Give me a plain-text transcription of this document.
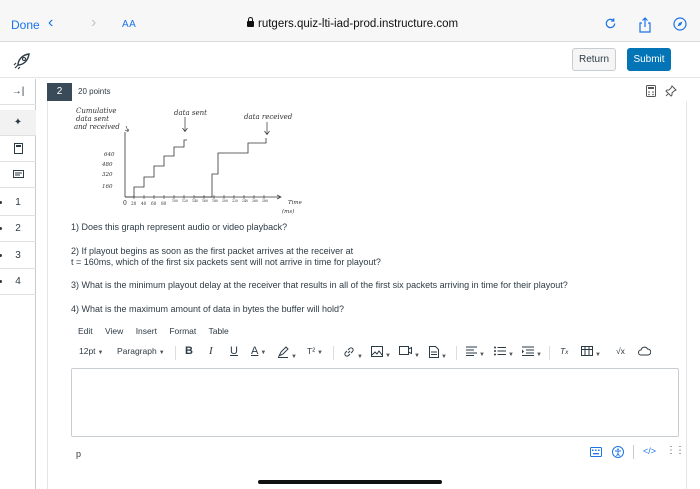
Done ‹ ›	AA	rutgers.quiz-lti-iad-prod.instructure.com
Return	Submit
→|
✦
1
2
3
4
2	20 points

Cumulative
data sent
and received
data sent	data received
640
480
320
160
0 20 40 60 80 100 120 140 160 180 200 220 240 260 280	Time
(ms)
1) Does this graph represent audio or video playback?
2) If playout begins as soon as the first packet arrives at the receiver at
t = 160ms, which of the first six packets sent will not arrive in time for playout?
3) What is the minimum playout delay at the receiver that results in all of the first six packets arriving in time for their playout?
4) What is the maximum amount of data in bytes the buffer will hold?
Edit View Insert Format Table
12pt ▼ Paragraph ▼ B I U A ▼
▼
T² ▼
▼	▼	▼	▼	▼	▼	▼ Tx	▼ √x
p	</> ⋮⋮
